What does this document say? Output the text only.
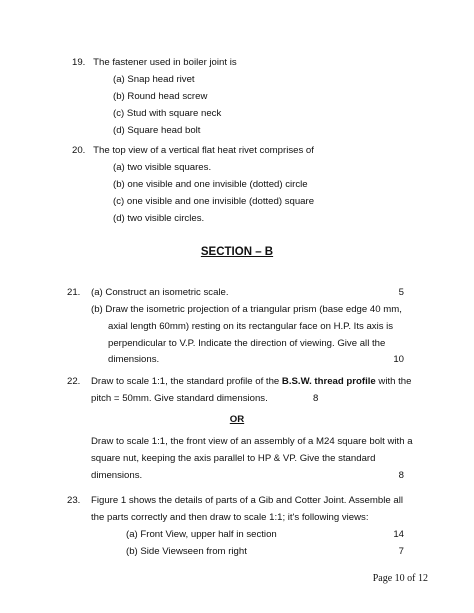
19. The fastener used in boiler joint is
(a) Snap head rivet
(b) Round head screw
(c) Stud with square neck
(d) Square head bolt
20. The top view of a vertical flat heat rivet comprises of
(a) two visible squares.
(b) one visible and one invisible (dotted) circle
(c) one visible and one invisible (dotted) square
(d) two visible circles.
SECTION – B
21. (a) Construct an isometric scale.	5
(b) Draw the isometric projection of a triangular prism (base edge 40 mm,
axial length 60mm) resting on its rectangular face on H.P. Its axis is
perpendicular to V.P. Indicate the direction of viewing. Give all the
dimensions.	10
22. Draw to scale 1:1, the standard profile of the B.S.W. thread profile with the
pitch = 50mm. Give standard dimensions.	8
OR
Draw to scale 1:1, the front view of an assembly of a M24 square bolt with a
square nut, keeping the axis parallel to HP & VP. Give the standard
dimensions.	8
23. Figure 1 shows the details of parts of a Gib and Cotter Joint. Assemble all
the parts correctly and then draw to scale 1:1; it's following views:
(a) Front View, upper half in section	14
(b) Side Viewseen from right	7
Page 10 of 12
